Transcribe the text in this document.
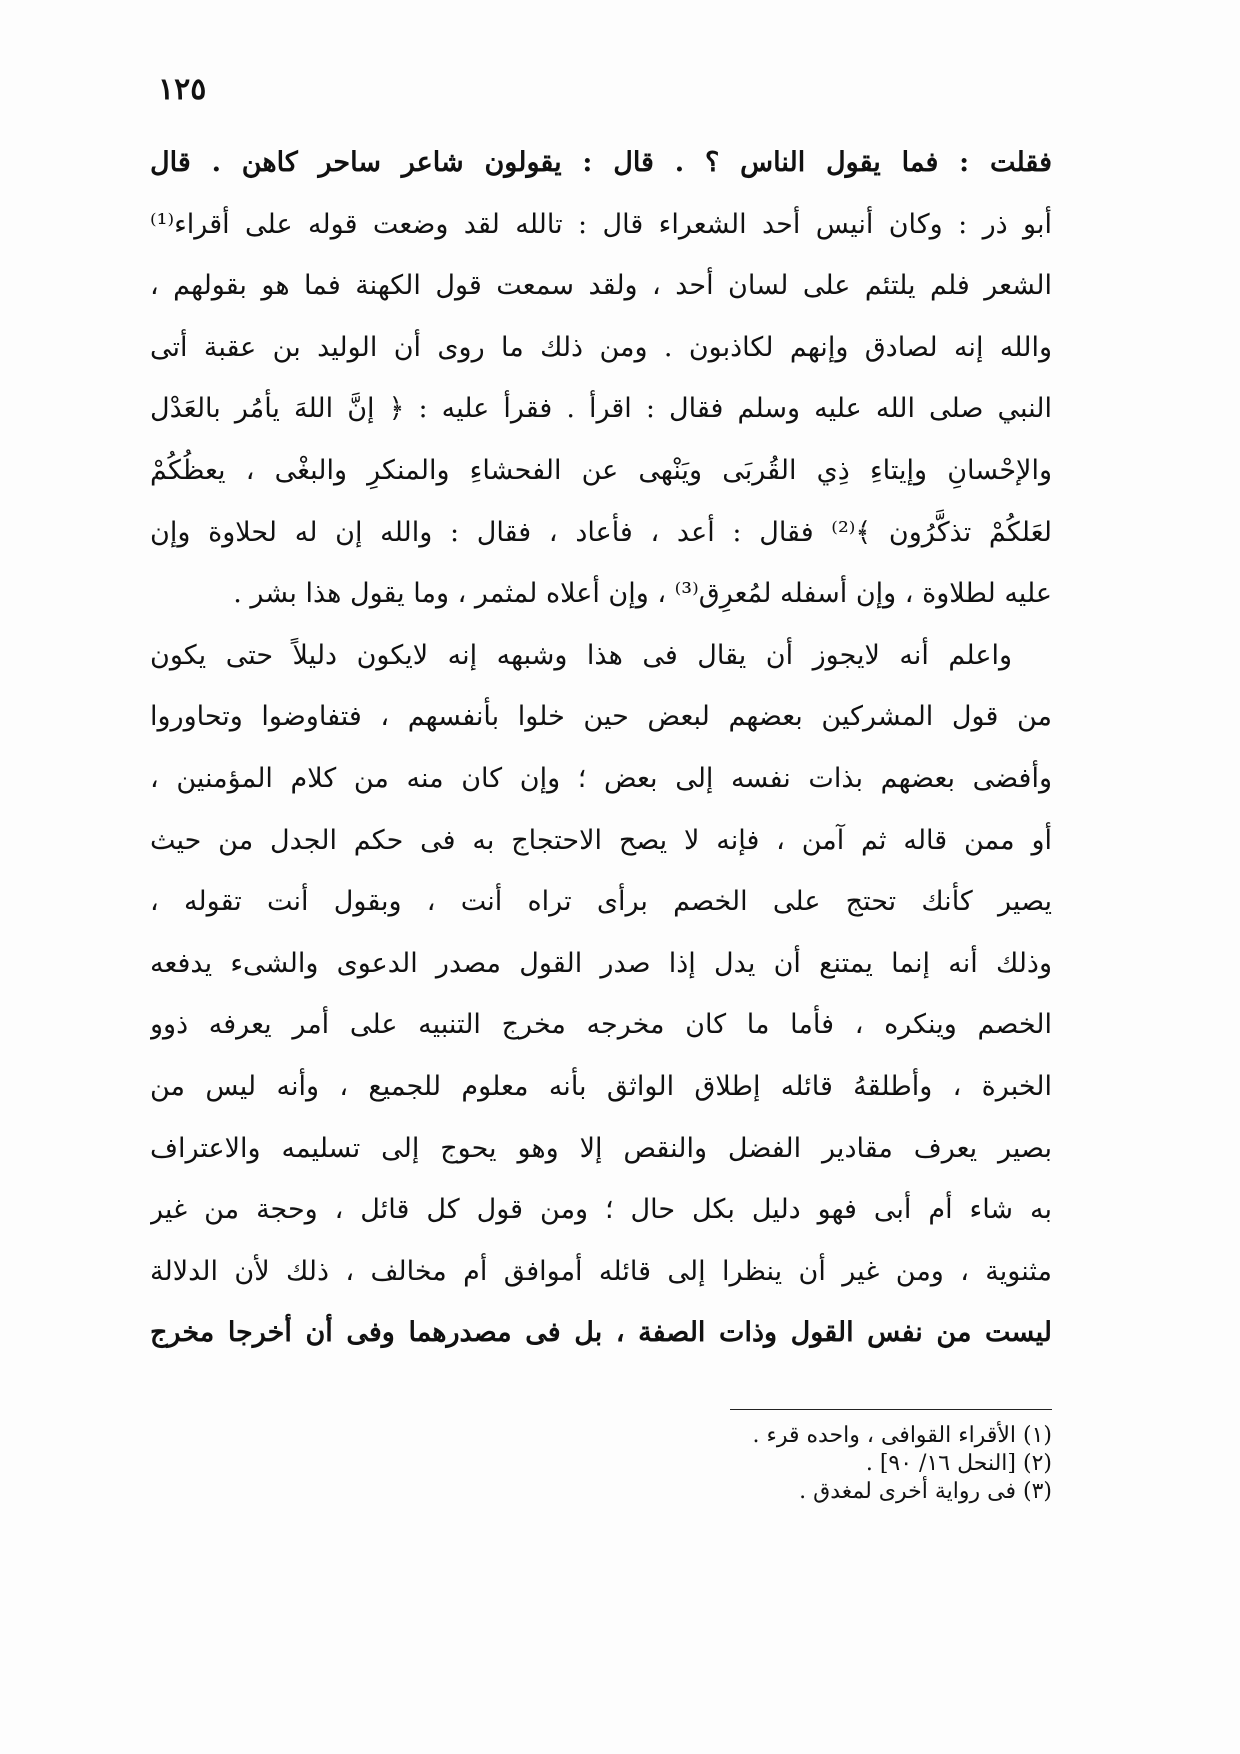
١٢٥
فقلت : فما يقول الناس ؟ . قال : يقولون شاعر ساحر كاهن . قال
أبو ذر : وكان أنيس أحد الشعراء قال : تالله لقد وضعت قوله على أقراء⁽¹⁾
الشعر فلم يلتئم على لسان أحد ، ولقد سمعت قول الكهنة فما هو بقولهم ،
والله إنه لصادق وإنهم لكاذبون . ومن ذلك ما روى أن الوليد بن عقبة أتى
النبي صلى الله عليه وسلم فقال : اقرأ . فقرأ عليه : ﴿ إنَّ اللهَ يأمُر بالعَدْل
والإحْسانِ وإيتاءِ ذِي القُربَى ويَنْهى عن الفحشاءِ والمنكرِ والبغْى ، يعظُكُمْ
لعَلكُمْ تذكَّرُون ﴾⁽²⁾ فقال : أعد ، فأعاد ، فقال : والله إن له لحلاوة وإن
عليه لطلاوة ، وإن أسفله لمُعرِق⁽³⁾ ، وإن أعلاه لمثمر ، وما يقول هذا بشر .
واعلم أنه لايجوز أن يقال فى هذا وشبهه إنه لايكون دليلاً حتى يكون
من قول المشركين بعضهم لبعض حين خلوا بأنفسهم ، فتفاوضوا وتحاوروا
وأفضى بعضهم بذات نفسه إلى بعض ؛ وإن كان منه من كلام المؤمنين ،
أو ممن قاله ثم آمن ، فإنه لا يصح الاحتجاج به فى حكم الجدل من حيث
يصير كأنك تحتج على الخصم برأى تراه أنت ، وبقول أنت تقوله ،
وذلك أنه إنما يمتنع أن يدل إذا صدر القول مصدر الدعوى والشىء يدفعه
الخصم وينكره ، فأما ما كان مخرجه مخرج التنبيه على أمر يعرفه ذوو
الخبرة ، وأطلقهُ قائله إطلاق الواثق بأنه معلوم للجميع ، وأنه ليس من
بصير يعرف مقادير الفضل والنقص إلا وهو يحوج إلى تسليمه والاعتراف
به شاء أم أبى فهو دليل بكل حال ؛ ومن قول كل قائل ، وحجة من غير
مثنوية ، ومن غير أن ينظرا إلى قائله أموافق أم مخالف ، ذلك لأن الدلالة
ليست من نفس القول وذات الصفة ، بل فى مصدرهما وفى أن أخرجا مخرج
(١) الأقراء القوافى ، واحده قرء .
(٢) [النحل ١٦/ ٩٠] .
(٣) فى رواية أخرى لمغدق .
